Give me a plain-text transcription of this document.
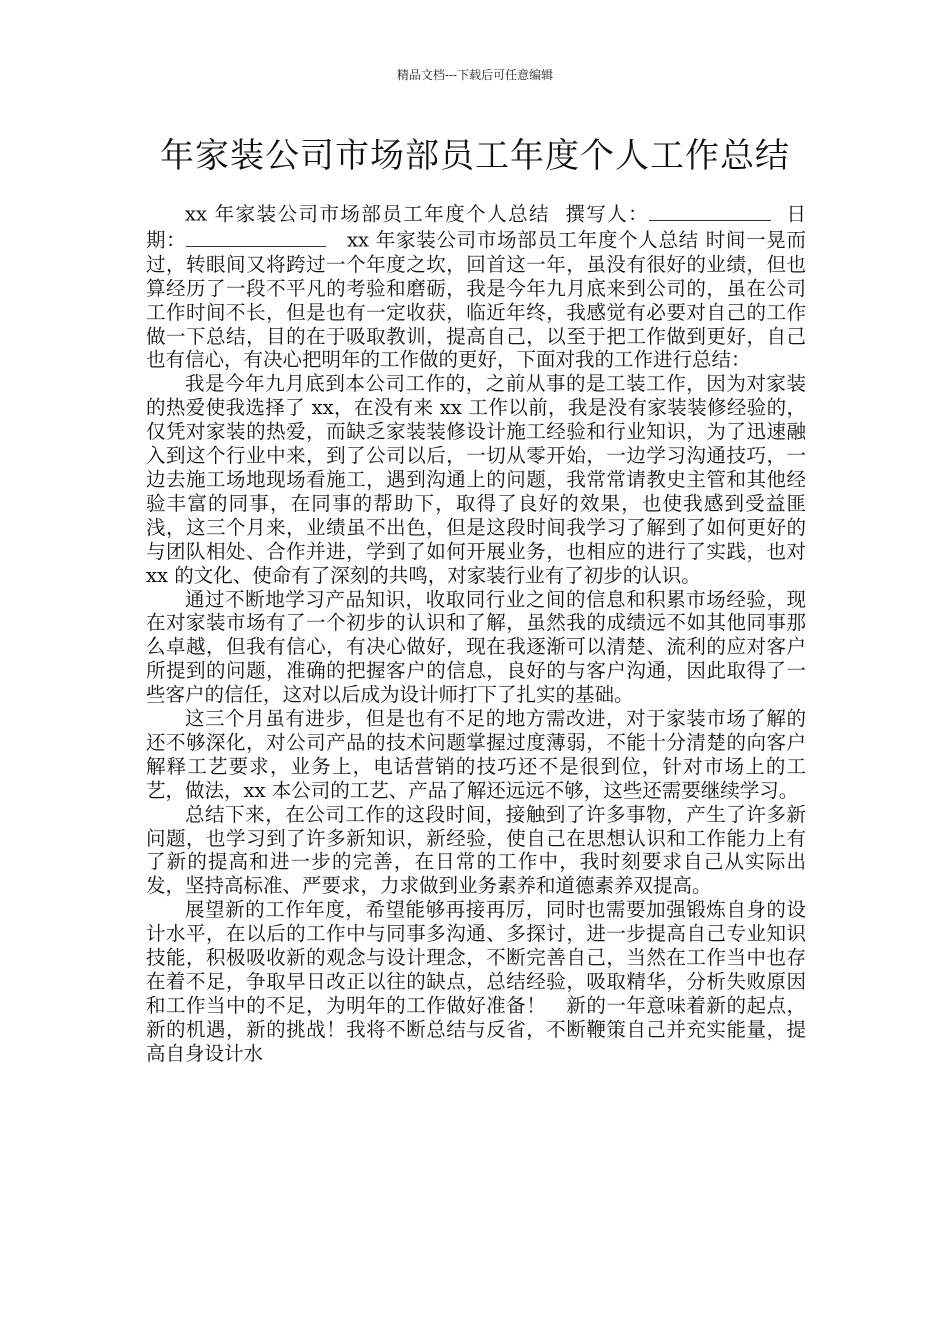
精品文档---下载后可任意编辑
年家装公司市场部员工年度个人工作总结
xx 年家装公司市场部员工年度个人总结 撰写人：	日　期：	xx 年家装公司市场部员工年度个人总结 时间一晃而过，转眼间又将跨过一个年度之坎，回首这一年，虽没有很好的业绩，但也算经历了一段不平凡的考验和磨砺，我是今年九月底来到公司的，虽在公司工作时间不长，但是也有一定收获，临近年终，我感觉有必要对自己的工作做一下总结，目的在于吸取教训，提高自己，以至于把工作做到更好，自己也有信心，有决心把明年的工作做的更好，下面对我的工作进行总结：

我是今年九月底到本公司工作的，之前从事的是工装工作，因为对家装的热爱使我选择了 xx，在没有来 xx 工作以前，我是没有家装装修经验的，仅凭对家装的热爱，而缺乏家装装修设计施工经验和行业知识，为了迅速融入到这个行业中来，到了公司以后，一切从零开始，一边学习沟通技巧，一边去施工场地现场看施工，遇到沟通上的问题，我常常请教史主管和其他经验丰富的同事，在同事的帮助下，取得了良好的效果，也使我感到受益匪浅，这三个月来，业绩虽不出色，但是这段时间我学习了解到了如何更好的与团队相处、合作并进，学到了如何开展业务，也相应的进行了实践，也对 xx 的文化、使命有了深刻的共鸣，对家装行业有了初步的认识。

通过不断地学习产品知识，收取同行业之间的信息和积累市场经验，现在对家装市场有了一个初步的认识和了解，虽然我的成绩远不如其他同事那么卓越，但我有信心，有决心做好，现在我逐渐可以清楚、流利的应对客户所提到的问题，准确的把握客户的信息，良好的与客户沟通，因此取得了一些客户的信任，这对以后成为设计师打下了扎实的基础。

这三个月虽有进步，但是也有不足的地方需改进，对于家装市场了解的还不够深化，对公司产品的技术问题掌握过度薄弱，不能十分清楚的向客户解释工艺要求，业务上，电话营销的技巧还不是很到位，针对市场上的工艺，做法，xx 本公司的工艺、产品了解还远远不够，这些还需要继续学习。

总结下来，在公司工作的这段时间，接触到了许多事物，产生了许多新问题，也学习到了许多新知识，新经验，使自己在思想认识和工作能力上有了新的提高和进一步的完善，在日常的工作中，我时刻要求自己从实际出发，坚持高标准、严要求，力求做到业务素养和道德素养双提高。

展望新的工作年度，希望能够再接再厉，同时也需要加强锻炼自身的设计水平，在以后的工作中与同事多沟通、多探讨，进一步提高自己专业知识技能，积极吸收新的观念与设计理念，不断完善自己，当然在工作当中也存在着不足，争取早日改正以往的缺点，总结经验，吸取精华，分析失败原因和工作当中的不足，为明年的工作做好准备！　新的一年意味着新的起点，新的机遇，新的挑战！我将不断总结与反省，不断鞭策自己并充实能量，提高自身设计水
